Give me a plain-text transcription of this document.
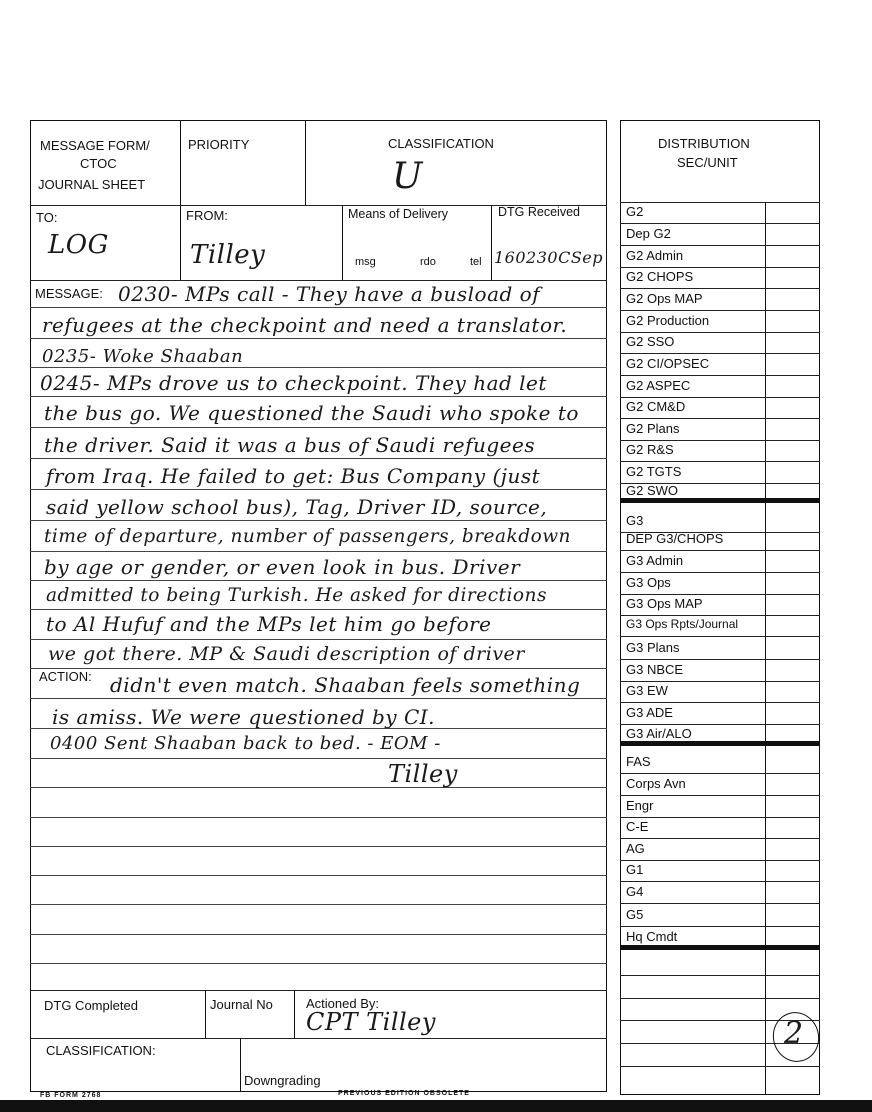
MESSAGE FORM/
CTOC
JOURNAL SHEET
PRIORITY	CLASSIFICATION
U
TO:
LOG
FROM:
Tilley
Means of Delivery
msg	rdo	tel
DTG Received
160230CSep
MESSAGE:
ACTION:
0230- MPs call - They have a busload of
refugees at the checkpoint and need a translator.
0235- Woke Shaaban
0245- MPs drove us to checkpoint. They had let
the bus go. We questioned the Saudi who spoke to
the driver. Said it was a bus of Saudi refugees
from Iraq. He failed to get: Bus Company (just
said yellow school bus), Tag, Driver ID, source,
time of departure, number of passengers, breakdown
by age or gender, or even look in bus. Driver
admitted to being Turkish. He asked for directions
to Al Hufuf and the MPs let him go before
we got there. MP & Saudi description of driver
didn't even match. Shaaban feels something
is amiss. We were questioned by CI.
0400 Sent Shaaban back to bed. - EOM -
Tilley
DTG Completed	Journal No	Actioned By:
CPT Tilley
CLASSIFICATION:
Downgrading
FB FORM 2768	PREVIOUS EDITION OBSOLETE
DISTRIBUTION
SEC/UNIT
G2
Dep G2
G2 Admin
G2 CHOPS
G2 Ops MAP
G2 Production
G2 SSO
G2 CI/OPSEC
G2 ASPEC
G2 CM&D
G2 Plans
G2 R&S
G2 TGTS
G2 SWO
G3
DEP G3/CHOPS
G3 Admin
G3 Ops
G3 Ops MAP
G3 Ops Rpts/Journal
G3 Plans
G3 NBCE
G3 EW
G3 ADE
G3 Air/ALO
FAS
Corps Avn
Engr
C-E
AG
G1
G4
G5
Hq Cmdt
2
